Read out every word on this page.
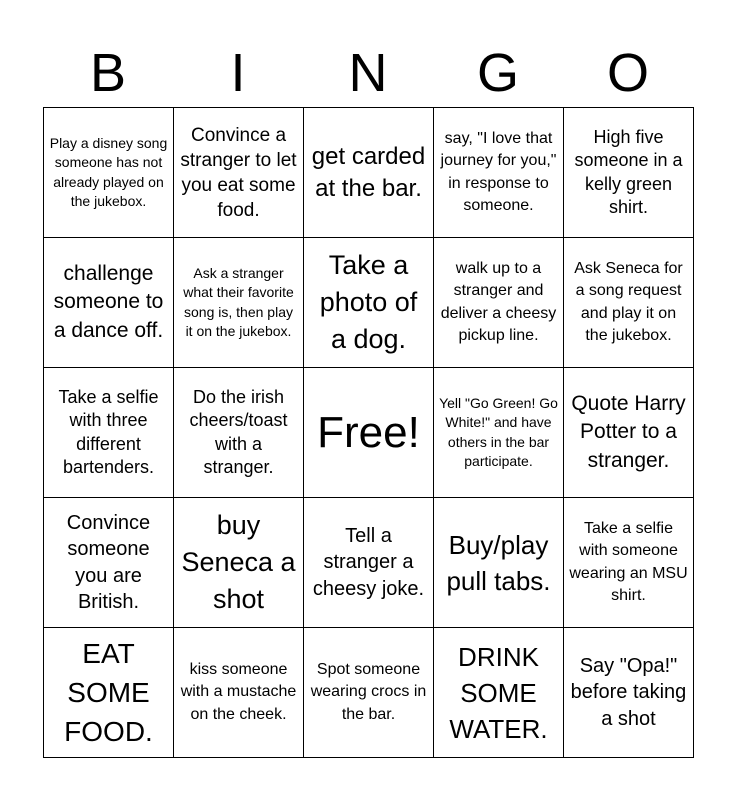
B	I	N	G	O
Play a disney song someone has not already played on the jukebox.
Convince a stranger to let you eat some food.
get carded at the bar.
say, "I love that journey for you," in response to someone.
High five someone in a kelly green shirt.
challenge someone to a dance off.
Ask a stranger what their favorite song is, then play it on the jukebox.
Take a photo of a dog.
walk up to a stranger and deliver a cheesy pickup line.
Ask Seneca for a song request and play it on the jukebox.
Take a selfie with three different bartenders.
Do the irish cheers/toast with a stranger.
Free!
Yell "Go Green! Go White!" and have others in the bar participate.
Quote Harry Potter to a stranger.
Convince someone you are British.
buy Seneca a shot
Tell a stranger a cheesy joke.
Buy/play pull tabs.
Take a selfie with someone wearing an MSU shirt.
EAT SOME FOOD.
kiss someone with a mustache on the cheek.
Spot someone wearing crocs in the bar.
DRINK SOME WATER.
Say "Opa!" before taking a shot
